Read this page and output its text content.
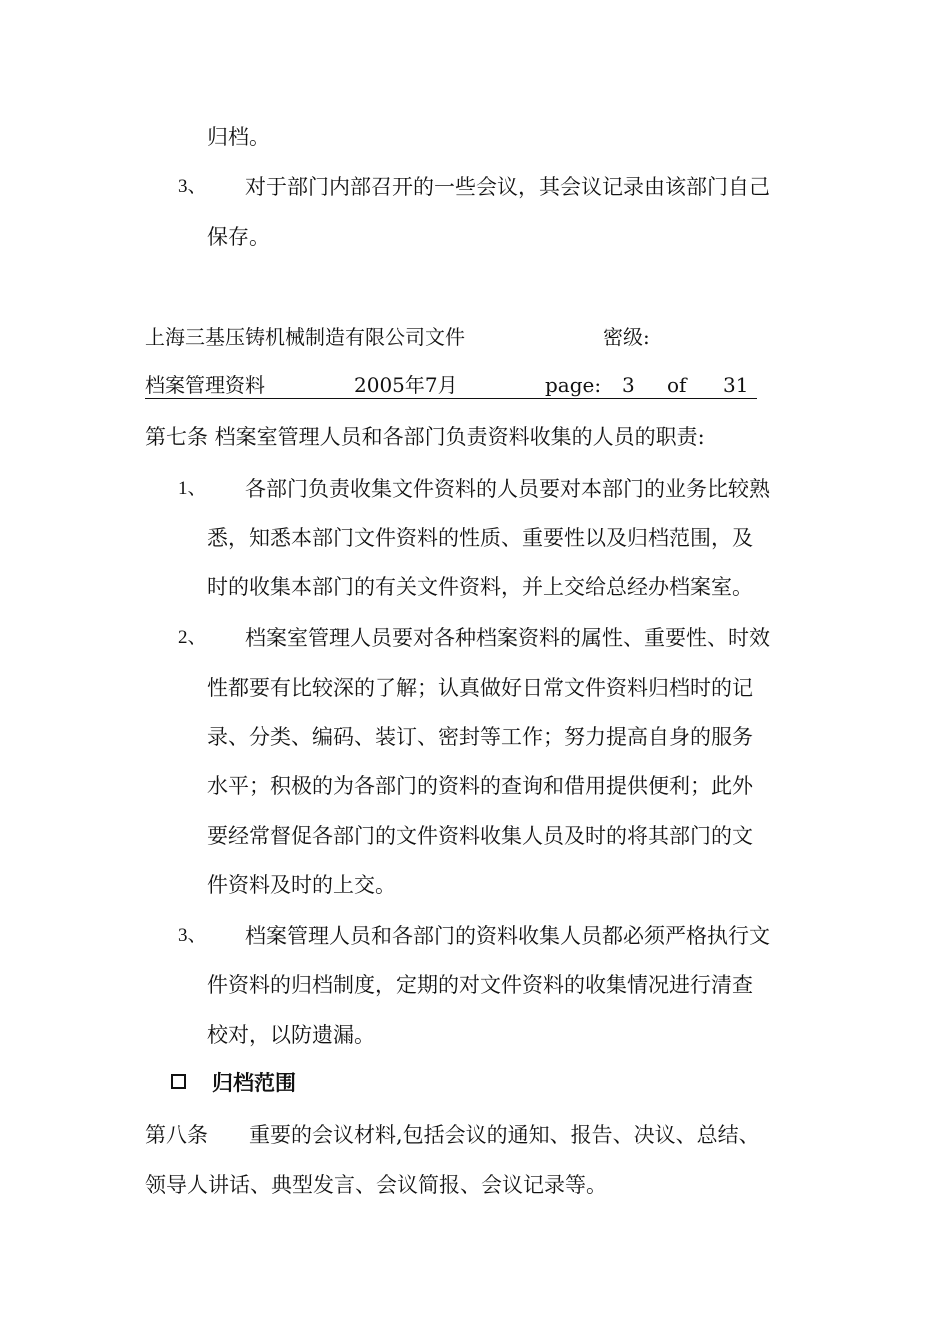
归档。
3、 对于部门内部召开的一些会议，其会议记录由该部门自己
保存。
上海三基压铸机械制造有限公司文件	密级:
档案管理资料	2005年7月	page: 3 of 31
第七条 档案室管理人员和各部门负责资料收集的人员的职责:
1、 各部门负责收集文件资料的人员要对本部门的业务比较熟
悉，知悉本部门文件资料的性质、重要性以及归档范围，及
时的收集本部门的有关文件资料，并上交给总经办档案室。
2、 档案室管理人员要对各种档案资料的属性、重要性、时效
性都要有比较深的了解；认真做好日常文件资料归档时的记
录、分类、编码、装订、密封等工作；努力提高自身的服务
水平；积极的为各部门的资料的查询和借用提供便利；此外
要经常督促各部门的文件资料收集人员及时的将其部门的文
件资料及时的上交。
3、 档案管理人员和各部门的资料收集人员都必须严格执行文
件资料的归档制度，定期的对文件资料的收集情况进行清查
校对，以防遗漏。
归档范围
第八条 重要的会议材料,包括会议的通知、报告、决议、总结、
领导人讲话、典型发言、会议简报、会议记录等。
